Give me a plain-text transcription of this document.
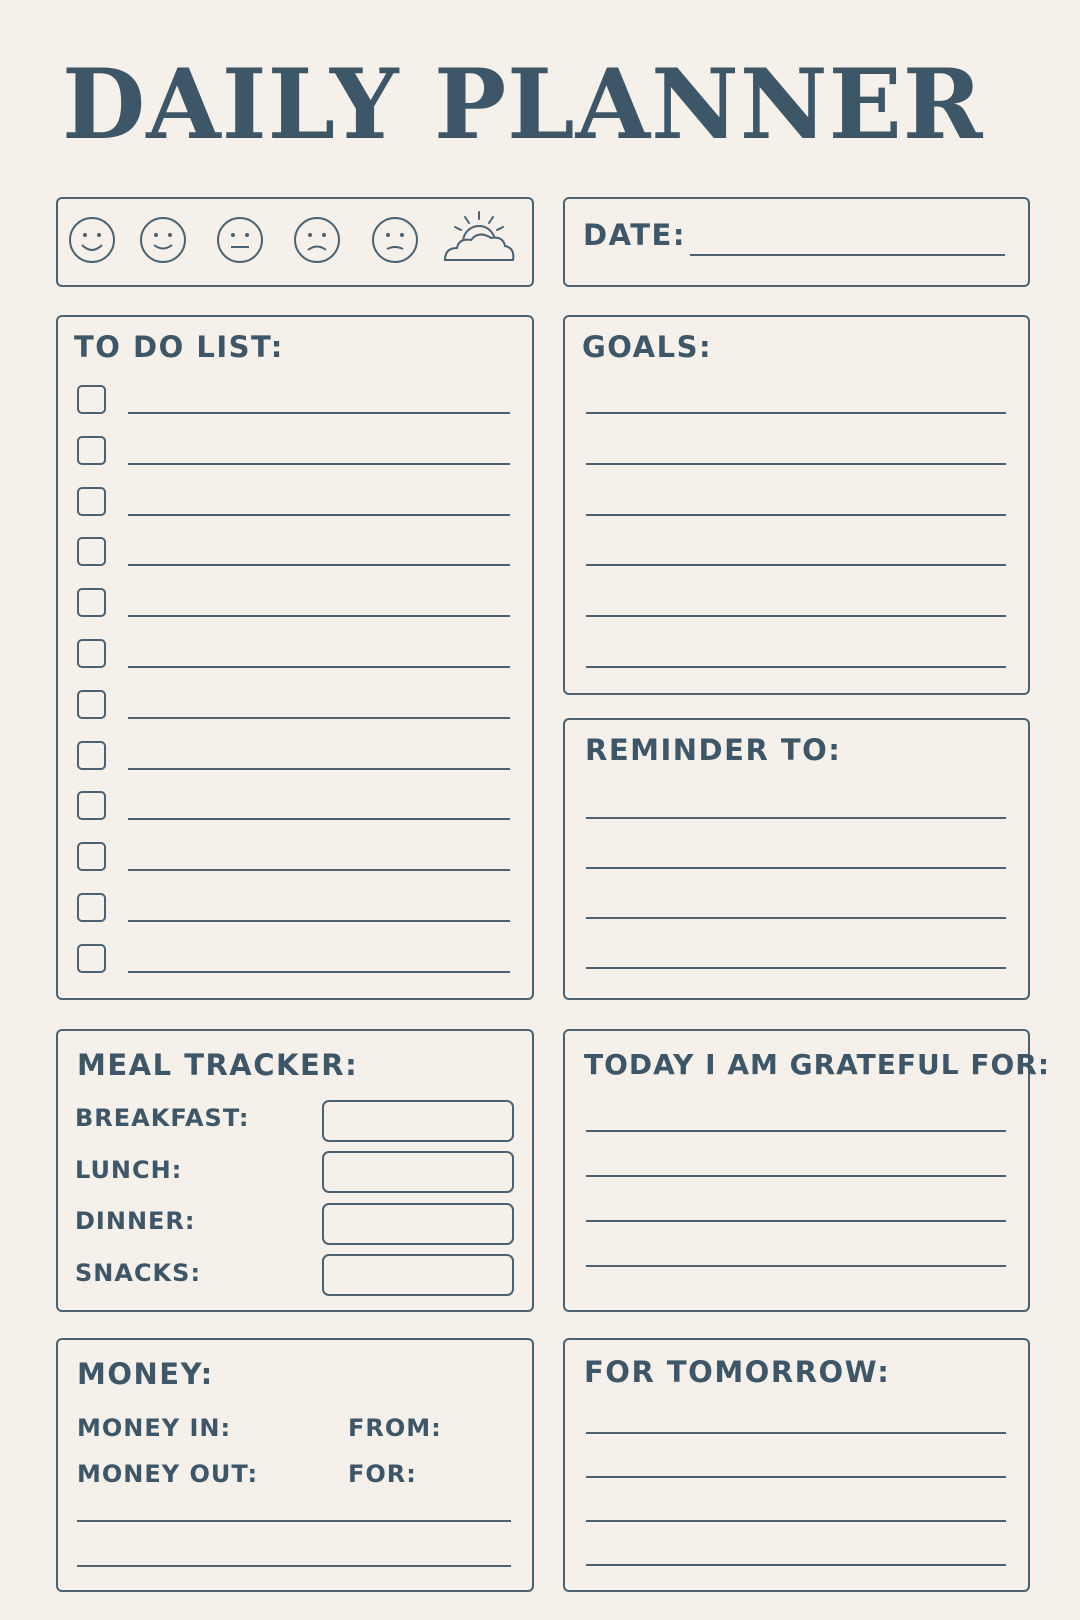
DAILY PLANNER
DATE:
TO DO LIST:	GOALS:
REMINDER TO:
MEAL TRACKER:
BREAKFAST:
LUNCH:
DINNER:
SNACKS:
TODAY I AM GRATEFUL FOR:
MONEY:
MONEY IN:	FROM:
MONEY OUT:	FOR:
FOR TOMORROW:
